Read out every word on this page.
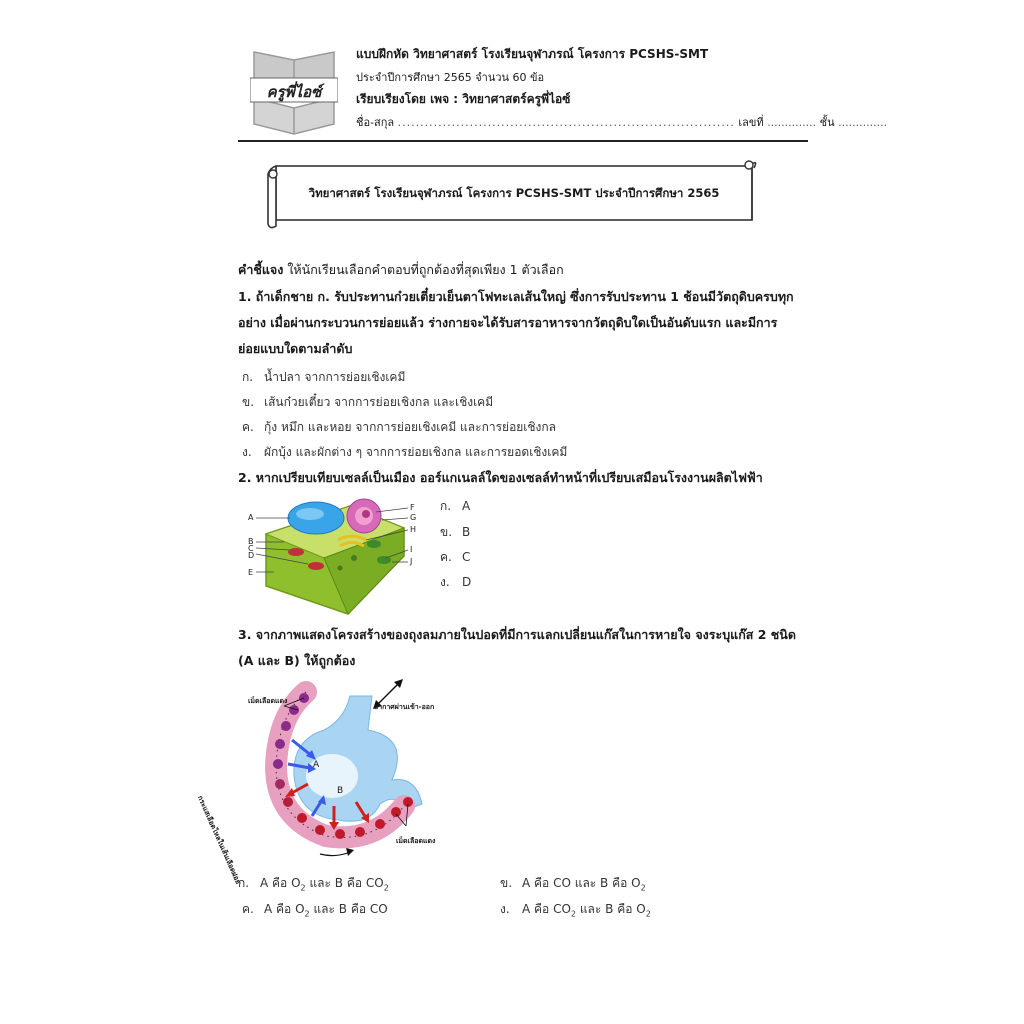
ครูพี่ไอซ์
แบบฝึกหัด วิทยาศาสตร์ โรงเรียนจุฬาภรณ์ โครงการ PCSHS-SMT
ประจำปีการศึกษา 2565 จำนวน 60 ข้อ
เรียบเรียงโดย เพจ : วิทยาศาสตร์ครูพี่ไอซ์
ชื่อ-สกุล ........................................................................... เลขที่ .............. ชั้น ..............
วิทยาศาสตร์ โรงเรียนจุฬาภรณ์ โครงการ PCSHS-SMT ประจำปีการศึกษา 2565
คำชี้แจง ให้นักเรียนเลือกคำตอบที่ถูกต้องที่สุดเพียง 1 ตัวเลือก
1. ถ้าเด็กชาย ก. รับประทานก๋วยเตี๋ยวเย็นตาโฟทะเลเส้นใหญ่ ซึ่งการรับประทาน 1 ช้อนมีวัตถุดิบครบทุก
อย่าง เมื่อผ่านกระบวนการย่อยแล้ว ร่างกายจะได้รับสารอาหารจากวัตถุดิบใดเป็นอันดับแรก และมีการ
ย่อยแบบใดตามลำดับ
ก. น้ำปลา จากการย่อยเชิงเคมี
ข. เส้นก๋วยเตี๋ยว จากการย่อยเชิงกล และเชิงเคมี
ค. กุ้ง หมึก และหอย จากการย่อยเชิงเคมี และการย่อยเชิงกล
ง. ผักบุ้ง และผักต่าง ๆ จากการย่อยเชิงกล และการยอดเชิงเคมี
2. หากเปรียบเทียบเซลล์เป็นเมือง ออร์แกเนลล์ใดของเซลล์ทำหน้าที่เปรียบเสมือนโรงงานผลิตไฟฟ้า
A
B
C
D
E
F
G
H
I
J
ก. A
ข. B
ค. C
ง. D
3. จากภาพแสดงโครงสร้างของถุงลมภายในปอดที่มีการแลกเปลี่ยนแก๊สในการหายใจ จงระบุแก๊ส 2 ชนิด
(A และ B) ให้ถูกต้อง
เม็ดเลือดแดง
อากาศผ่านเข้า-ออก
A
B
กระแสเลือดไหลในเส้นเลือดฝอย	เม็ดเลือดแดง
ก. A คือ $O_2$ และ B คือ $CO_2$	ข. A คือ CO และ B คือ $O_2$
ค. A คือ $O_2$ และ B คือ CO	ง. A คือ $CO_2$ และ B คือ $O_2$
